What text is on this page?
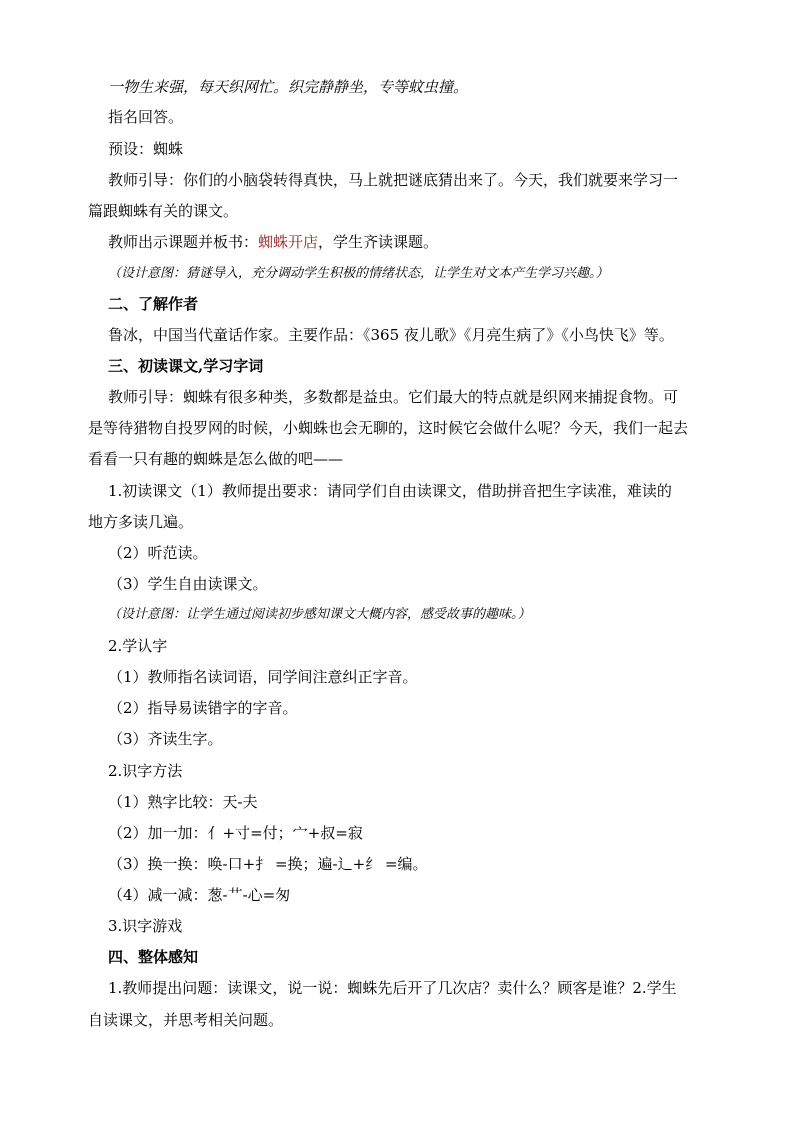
一物生来强，每天织网忙。织完静静坐，专等蚊虫撞。
指名回答。
预设：蜘蛛
教师引导：你们的小脑袋转得真快，马上就把谜底猜出来了。今天，我们就要来学习一
篇跟蜘蛛有关的课文。
教师出示课题并板书：蜘蛛开店，学生齐读课题。
（设计意图：猜谜导入，充分调动学生积极的情绪状态，让学生对文本产生学习兴趣。）
二、了解作者
鲁冰，中国当代童话作家。主要作品：《365 夜儿歌》《月亮生病了》《小鸟快飞》等。
三、初读课文,学习字词
教师引导：蜘蛛有很多种类，多数都是益虫。它们最大的特点就是织网来捕捉食物。可
是等待猎物自投罗网的时候，小蜘蛛也会无聊的，这时候它会做什么呢？今天，我们一起去
看看一只有趣的蜘蛛是怎么做的吧——
1.初读课文（1）教师提出要求：请同学们自由读课文，借助拼音把生字读准，难读的
地方多读几遍。
（2）听范读。
（3）学生自由读课文。
（设计意图：让学生通过阅读初步感知课文大概内容，感受故事的趣味。）
2.学认字
（1）教师指名读词语，同学间注意纠正字音。
（2）指导易读错字的字音。
（3）齐读生字。
2.识字方法
（1）熟字比较：天-夫
（2）加一加：亻+寸=付；宀+叔=寂
（3）换一换：唤-口+扌 =换；遍-辶+纟 =编。
（4）减一减：葱-艹-心=匆
3.识字游戏
四、整体感知
1.教师提出问题：读课文，说一说：蜘蛛先后开了几次店？卖什么？顾客是谁？2.学生
自读课文，并思考相关问题。
